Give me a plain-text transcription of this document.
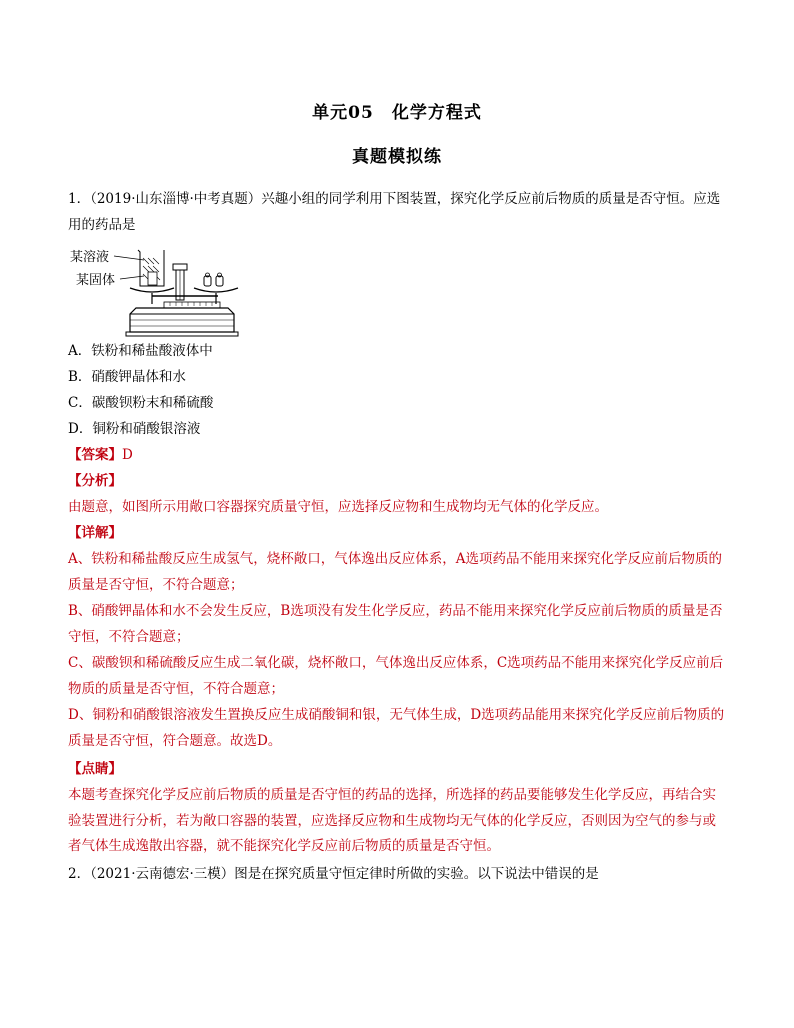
单元05　化学方程式
真题模拟练
1．（2019·山东淄博·中考真题）兴趣小组的同学利用下图装置，探究化学反应前后物质的质量是否守恒。应选用的药品是
某溶液
某固体
A．铁粉和稀盐酸液体中
B．硝酸钾晶体和水
C．碳酸钡粉末和稀硫酸
D．铜粉和硝酸银溶液
【答案】D
【分析】
由题意，如图所示用敞口容器探究质量守恒，应选择反应物和生成物均无气体的化学反应。
【详解】
A、铁粉和稀盐酸反应生成氢气，烧杯敞口，气体逸出反应体系，A选项药品不能用来探究化学反应前后物质的质量是否守恒，不符合题意；
B、硝酸钾晶体和水不会发生反应，B选项没有发生化学反应，药品不能用来探究化学反应前后物质的质量是否守恒，不符合题意；
C、碳酸钡和稀硫酸反应生成二氧化碳，烧杯敞口，气体逸出反应体系，C选项药品不能用来探究化学反应前后物质的质量是否守恒，不符合题意；
D、铜粉和硝酸银溶液发生置换反应生成硝酸铜和银，无气体生成，D选项药品能用来探究化学反应前后物质的质量是否守恒，符合题意。故选D。
【点睛】
本题考查探究化学反应前后物质的质量是否守恒的药品的选择，所选择的药品要能够发生化学反应，再结合实验装置进行分析，若为敞口容器的装置，应选择反应物和生成物均无气体的化学反应，否则因为空气的参与或者气体生成逸散出容器，就不能探究化学反应前后物质的质量是否守恒。
2．（2021·云南德宏·三模）图是在探究质量守恒定律时所做的实验。以下说法中错误的是
